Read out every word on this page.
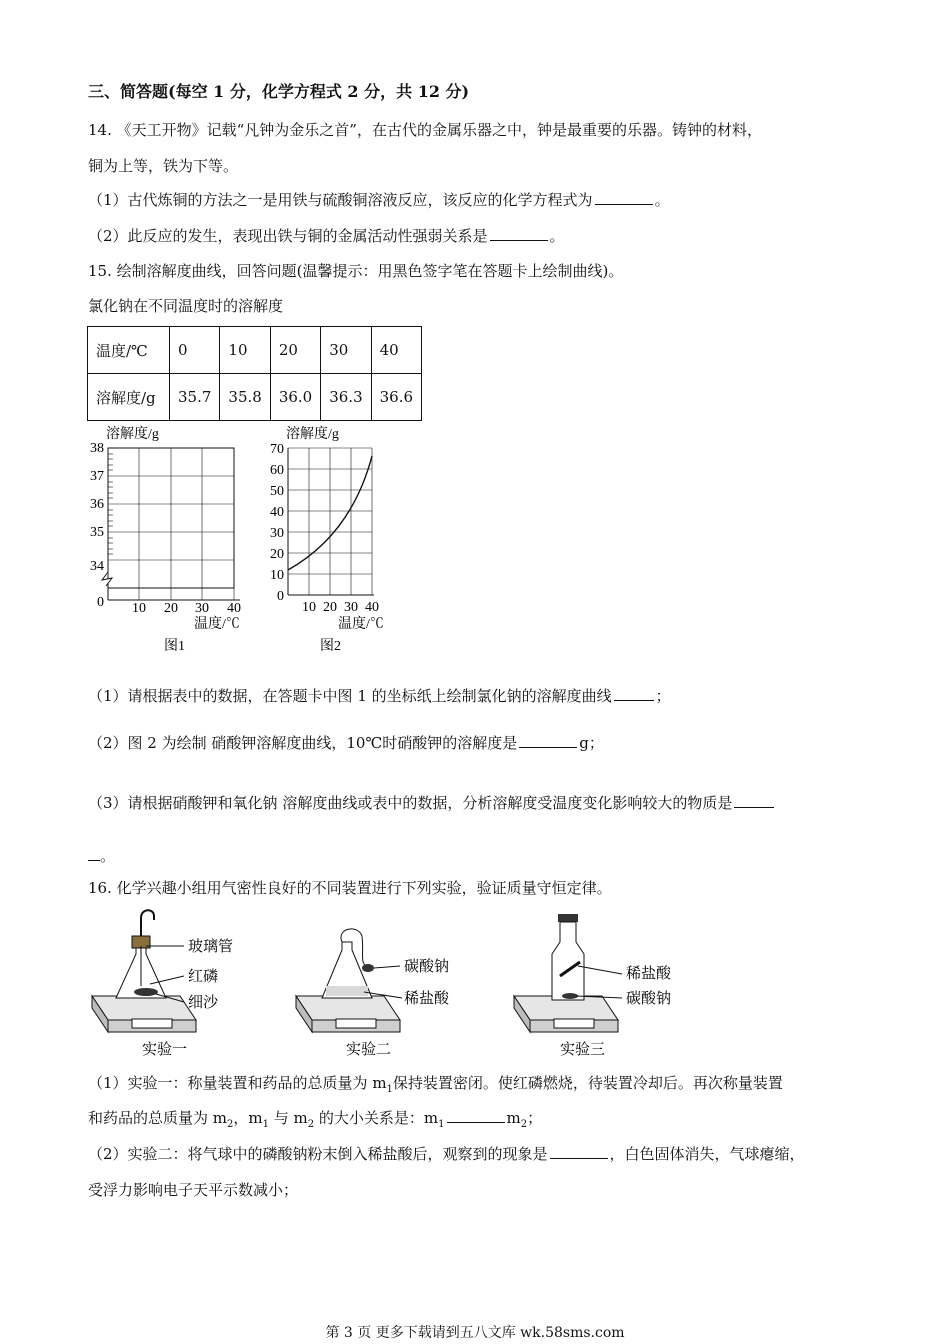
三、简答题(每空 1 分，化学方程式 2 分，共 12 分)
14. 《天工开物》记载“凡钟为金乐之首”，在古代的金属乐器之中，钟是最重要的乐器。铸钟的材料，
铜为上等，铁为下等。
（1）古代炼铜的方法之一是用铁与硫酸铜溶液反应，该反应的化学方程式为	。
（2）此反应的发生，表现出铁与铜的金属活动性强弱关系是	。
15. 绘制溶解度曲线，回答问题(温馨提示：用黑色签字笔在答题卡上绘制曲线)。
氯化钠在不同温度时的溶解度
温度/℃	0	10	20	30	40
溶解度/g	35.7	35.8	36.0	36.3	36.6
溶解度/g
38
37
36
35
34
0 10 20 30 40
温度/℃
图1
溶解度/g
70
60
50
40
30
20
10
0
10 20 30 40
温度/℃
图2
（1）请根据表中的数据，在答题卡中图 1 的坐标纸上绘制氯化钠的溶解度曲线	；
（2）图 2 为绘制 硝酸钾溶解度曲线，10℃时硝酸钾的溶解度是	g；
（3）请根据硝酸钾和氧化钠 溶解度曲线或表中的数据，分析溶解度受温度变化影响较大的物质是
。
16. 化学兴趣小组用气密性良好的不同装置进行下列实验，验证质量守恒定律。
玻璃管
红磷
细沙
实验一
碳酸钠
稀盐酸
实验二
稀盐酸
碳酸钠
实验三
（1）实验一：称量装置和药品的总质量为 $m_1$保持装置密闭。使红磷燃烧，待装置冷却后。再次称量装置
和药品的总质量为 $m_2$，$m_1$ 与 $m_2$ 的大小关系是：$m_1$	$m_2$；
（2）实验二：将气球中的磷酸钠粉末倒入稀盐酸后，观察到的现象是	，白色固体消失，气球瘪缩，
受浮力影响电子天平示数减小；
第 3 页 更多下载请到五八文库 wk.58sms.com
